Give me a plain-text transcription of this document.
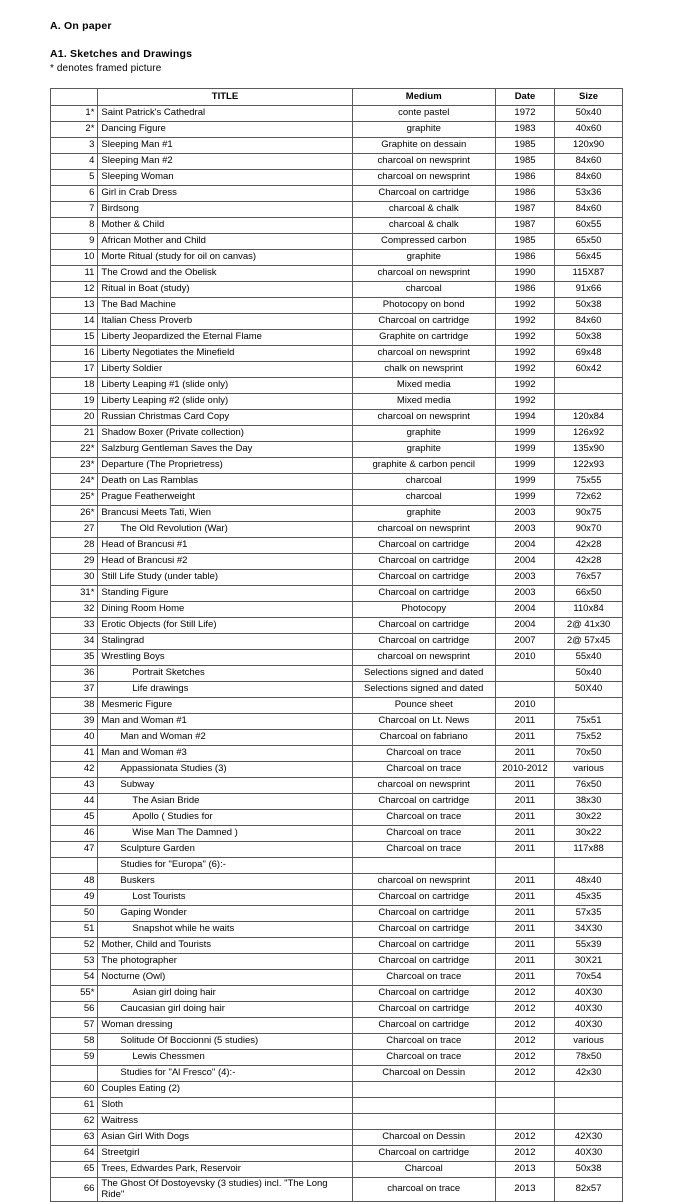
A. On paper
A1. Sketches and Drawings
* denotes framed picture
	TITLE	Medium	Date	Size
1*	Saint Patrick's Cathedral	conte pastel	1972	50x40
2*	Dancing Figure	graphite	1983	40x60
3	Sleeping Man #1	Graphite on dessain	1985	120x90
4	Sleeping Man #2	charcoal on newsprint	1985	84x60
5	Sleeping Woman	charcoal on newsprint	1986	84x60
6	Girl in Crab Dress	Charcoal on cartridge	1986	53x36
7	Birdsong	charcoal & chalk	1987	84x60
8	Mother & Child	charcoal & chalk	1987	60x55
9	African Mother and Child	Compressed carbon	1985	65x50
10	Morte Ritual (study for oil on canvas)	graphite	1986	56x45
11	The Crowd and the Obelisk	charcoal on newsprint	1990	115X87
12	Ritual in Boat (study)	charcoal	1986	91x66
13	The Bad Machine	Photocopy on bond	1992	50x38
14	Italian Chess Proverb	Charcoal on cartridge	1992	84x60
15	Liberty Jeopardized the Eternal Flame	Graphite on cartridge	1992	50x38
16	Liberty Negotiates the Minefield	charcoal on newsprint	1992	69x48
17	Liberty Soldier	chalk on newsprint	1992	60x42
18	Liberty Leaping #1 (slide only)	Mixed media	1992	
19	Liberty Leaping #2 (slide only)	Mixed media	1992	
20	Russian Christmas Card Copy	charcoal on newsprint	1994	120x84
21	Shadow Boxer (Private collection)	graphite	1999	126x92
22*	Salzburg Gentleman Saves the Day	graphite	1999	135x90
23*	Departure (The Proprietress)	graphite & carbon pencil	1999	122x93
24*	Death on Las Ramblas	charcoal	1999	75x55
25*	Prague Featherweight	charcoal	1999	72x62
26*	Brancusi Meets Tati, Wien	graphite	2003	90x75
27	The Old Revolution (War)	charcoal on newsprint	2003	90x70
28	Head of Brancusi #1	Charcoal on cartridge	2004	42x28
29	Head of Brancusi #2	Charcoal on cartridge	2004	42x28
30	Still Life Study (under table)	Charcoal on cartridge	2003	76x57
31*	Standing Figure	Charcoal on cartridge	2003	66x50
32	Dining Room Home	Photocopy	2004	110x84
33	Erotic Objects (for Still Life)	Charcoal on cartridge	2004	2@ 41x30
34	Stalingrad	Charcoal on cartridge	2007	2@ 57x45
35	Wrestling Boys	charcoal on newsprint	2010	55x40
36	Portrait Sketches	Selections signed and dated		50x40
37	Life drawings	Selections signed and dated		50X40
38	Mesmeric Figure	Pounce sheet	2010	
39	Man and Woman #1	Charcoal on Lt. News	2011	75x51
40	Man and Woman #2	Charcoal on fabriano	2011	75x52
41	Man and Woman #3	Charcoal on trace	2011	70x50
42	Appassionata Studies (3)	Charcoal on trace	2010-2012	various
43	Subway	charcoal on newsprint	2011	76x50
44	The Asian Bride	Charcoal on cartridge	2011	38x30
45	Apollo ( Studies for	Charcoal on trace	2011	30x22
46	Wise Man The Damned )	Charcoal on trace	2011	30x22
47	Sculpture Garden	Charcoal on trace	2011	117x88
	Studies for "Europa" (6):-			
48	Buskers	charcoal on newsprint	2011	48x40
49	Lost Tourists	Charcoal on cartridge	2011	45x35
50	Gaping Wonder	Charcoal on cartridge	2011	57x35
51	Snapshot while he waits	Charcoal on cartridge	2011	34X30
52	Mother, Child and Tourists	Charcoal on cartridge	2011	55x39
53	The photographer	Charcoal on cartridge	2011	30X21
54	Nocturne (Owl)	Charcoal on trace	2011	70x54
55*	Asian girl doing hair	Charcoal on cartridge	2012	40X30
56	Caucasian girl doing hair	Charcoal on cartridge	2012	40X30
57	Woman dressing	Charcoal on cartridge	2012	40X30
58	Solitude Of Boccionni (5 studies)	Charcoal on trace	2012	various
59	Lewis Chessmen	Charcoal on trace	2012	78x50
	Studies for "Al Fresco" (4):-	Charcoal on Dessin	2012	42x30
60	Couples Eating (2)			
61	Sloth			
62	Waitress			
63	Asian Girl With Dogs	Charcoal on Dessin	2012	42X30
64	Streetgirl	Charcoal on cartridge	2012	40X30
65	Trees, Edwardes Park, Reservoir	Charcoal	2013	50x38
66	The Ghost Of Dostoyevsky (3 studies) incl. "The Long Ride"	charcoal on trace	2013	82x57
